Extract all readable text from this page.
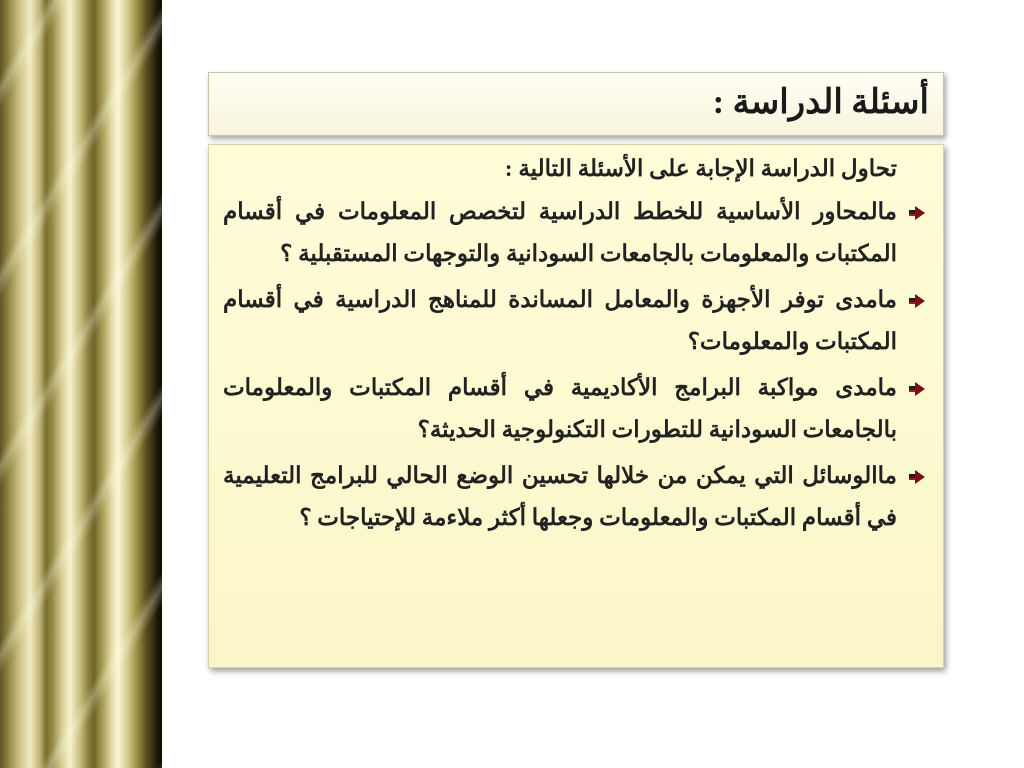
أسئلة الدراسة :

تحاول الدراسة الإجابة على الأسئلة التالية :

مالمحاور الأساسية للخطط الدراسية لتخصص المعلومات في أقسام المكتبات والمعلومات بالجامعات السودانية والتوجهات المستقبلية ؟
مامدى توفر الأجهزة والمعامل المساندة للمناهج الدراسية في أقسام المكتبات والمعلومات؟
مامدى مواكبة البرامج الأكاديمية في أقسام المكتبات والمعلومات بالجامعات السودانية للتطورات التكنولوجية الحديثة؟
ماالوسائل التي يمكن من خلالها تحسين الوضع الحالي للبرامج التعليمية في أقسام المكتبات والمعلومات وجعلها أكثر ملاءمة للإحتياجات ؟
